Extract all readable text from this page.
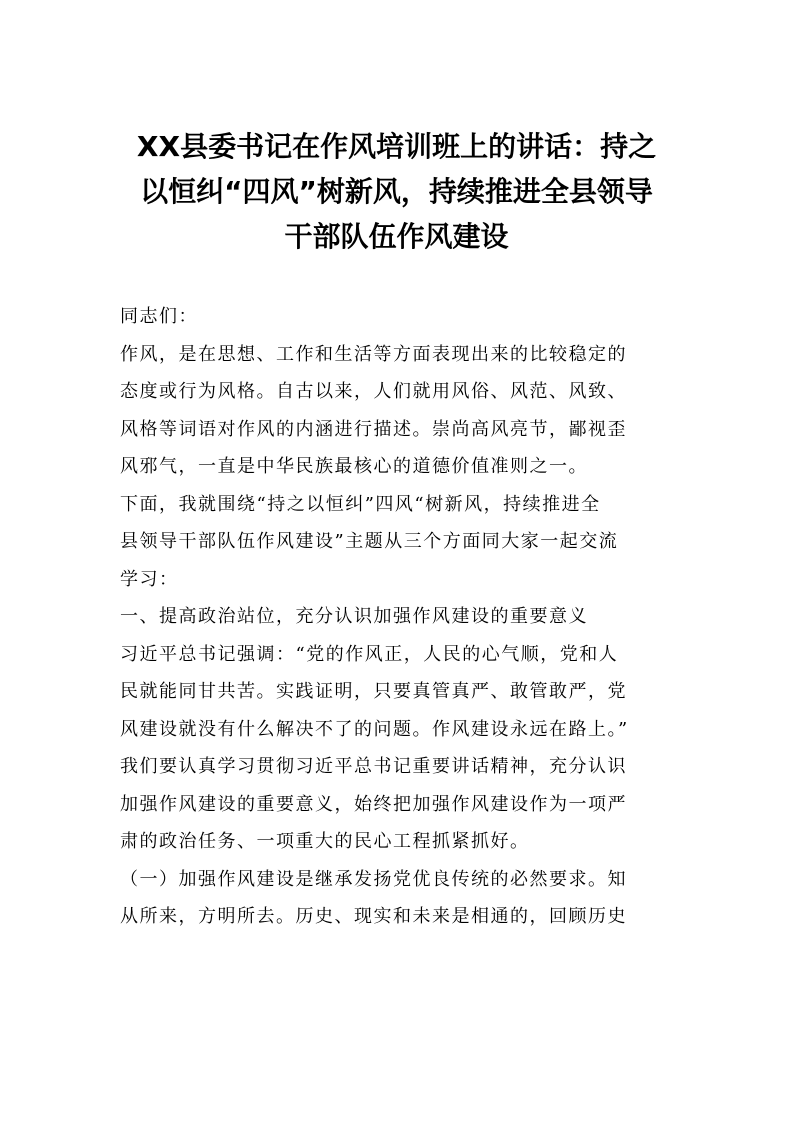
XX县委书记在作风培训班上的讲话：持之
以恒纠“四风”树新风，持续推进全县领导
干部队伍作风建设
同志们：
作风，是在思想、工作和生活等方面表现出来的比较稳定的
态度或行为风格。自古以来，人们就用风俗、风范、风致、
风格等词语对作风的内涵进行描述。崇尚高风亮节，鄙视歪
风邪气，一直是中华民族最核心的道德价值准则之一。
下面，我就围绕“持之以恒纠”四风“树新风，持续推进全
县领导干部队伍作风建设”主题从三个方面同大家一起交流
学习：
一、提高政治站位，充分认识加强作风建设的重要意义
习近平总书记强调：“党的作风正，人民的心气顺，党和人
民就能同甘共苦。实践证明，只要真管真严、敢管敢严，党
风建设就没有什么解决不了的问题。作风建设永远在路上。”
我们要认真学习贯彻习近平总书记重要讲话精神，充分认识
加强作风建设的重要意义，始终把加强作风建设作为一项严
肃的政治任务、一项重大的民心工程抓紧抓好。
（一）加强作风建设是继承发扬党优良传统的必然要求。知
从所来，方明所去。历史、现实和未来是相通的，回顾历史
